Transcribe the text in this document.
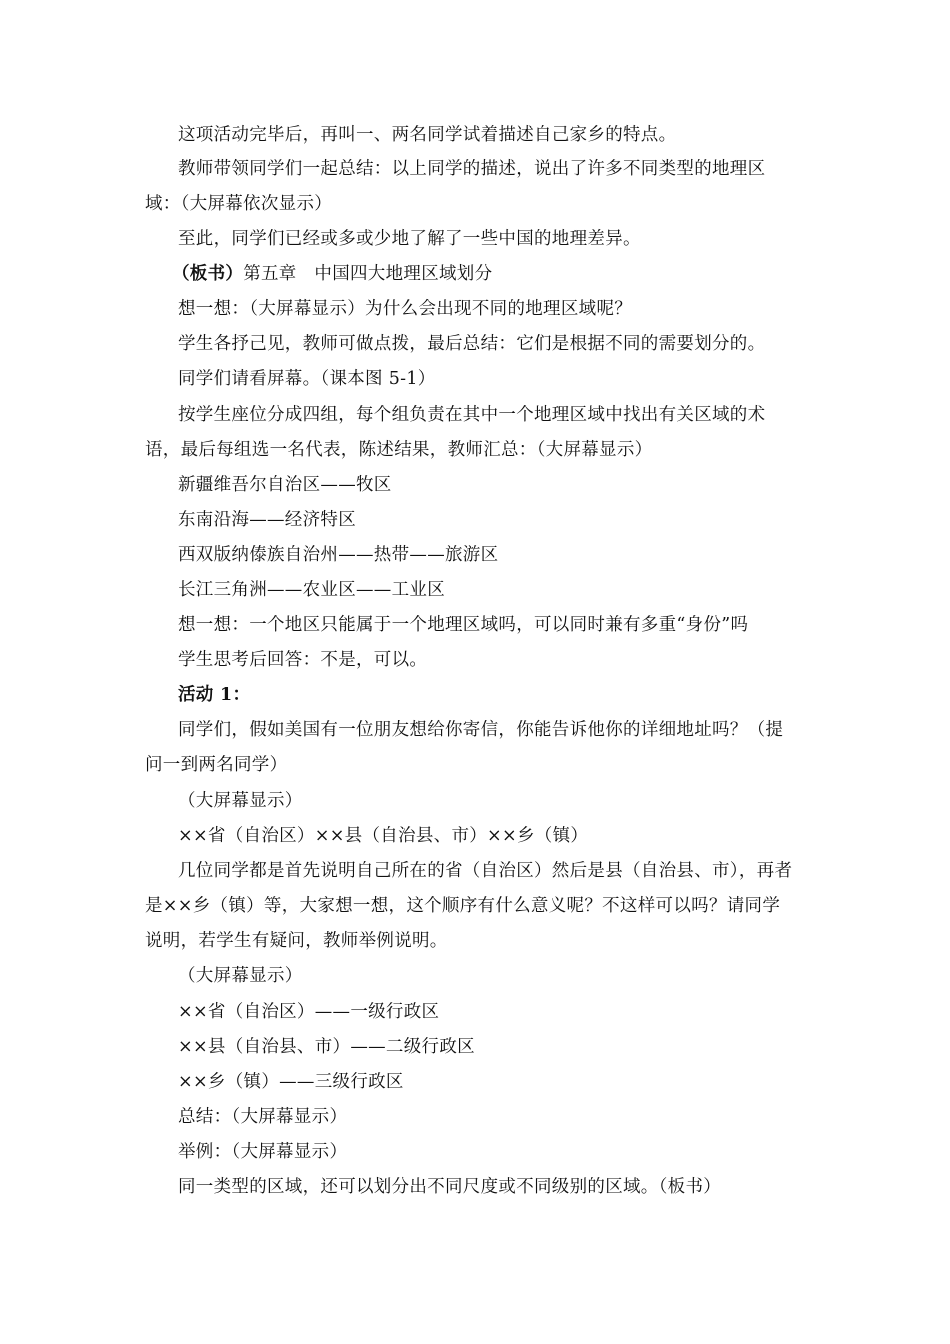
这项活动完毕后，再叫一、两名同学试着描述自己家乡的特点。
教师带领同学们一起总结：以上同学的描述，说出了许多不同类型的地理区
域：（大屏幕依次显示）
至此，同学们已经或多或少地了解了一些中国的地理差异。
（板书）第五章　中国四大地理区域划分
想一想：（大屏幕显示）为什么会出现不同的地理区域呢？
学生各抒己见，教师可做点拨，最后总结：它们是根据不同的需要划分的。
同学们请看屏幕。（课本图 5-1）
按学生座位分成四组，每个组负责在其中一个地理区域中找出有关区域的术
语，最后每组选一名代表，陈述结果，教师汇总：（大屏幕显示）
新疆维吾尔自治区——牧区
东南沿海——经济特区
西双版纳傣族自治州——热带——旅游区
长江三角洲——农业区——工业区
想一想：一个地区只能属于一个地理区域吗，可以同时兼有多重“身份”吗
学生思考后回答：不是，可以。
活动 1：
同学们，假如美国有一位朋友想给你寄信，你能告诉他你的详细地址吗？（提
问一到两名同学）
（大屏幕显示）
××省（自治区）××县（自治县、市）××乡（镇）
几位同学都是首先说明自己所在的省（自治区）然后是县（自治县、市），再者
是××乡（镇）等，大家想一想，这个顺序有什么意义呢？不这样可以吗？请同学
说明，若学生有疑问，教师举例说明。
（大屏幕显示）
××省（自治区）——一级行政区
××县（自治县、市）——二级行政区
××乡（镇）——三级行政区
总结：（大屏幕显示）
举例：（大屏幕显示）
同一类型的区域，还可以划分出不同尺度或不同级别的区域。（板书）
